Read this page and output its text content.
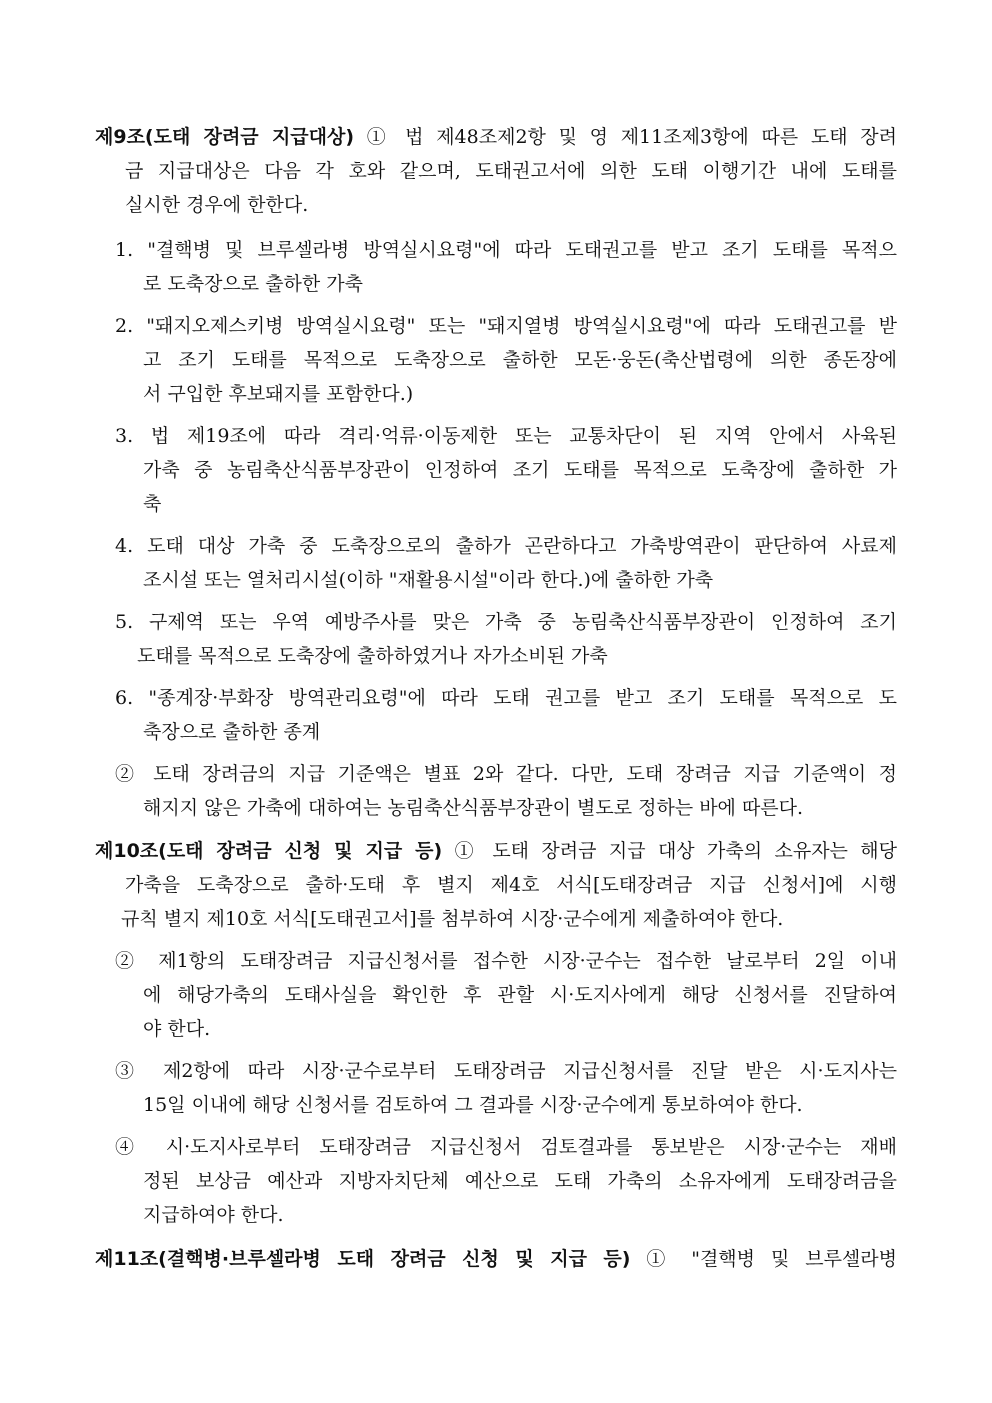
제9조(도태 장려금 지급대상) ① 법 제48조제2항 및 영 제11조제3항에 따른 도태 장려
금 지급대상은 다음 각 호와 같으며, 도태권고서에 의한 도태 이행기간 내에 도태를
실시한 경우에 한한다.
1. "결핵병 및 브루셀라병 방역실시요령"에 따라 도태권고를 받고 조기 도태를 목적으
로 도축장으로 출하한 가축
2. "돼지오제스키병 방역실시요령" 또는 "돼지열병 방역실시요령"에 따라 도태권고를 받
고 조기 도태를 목적으로 도축장으로 출하한 모돈·웅돈(축산법령에 의한 종돈장에
서 구입한 후보돼지를 포함한다.)
3. 법 제19조에 따라 격리·억류·이동제한 또는 교통차단이 된 지역 안에서 사육된
가축 중 농림축산식품부장관이 인정하여 조기 도태를 목적으로 도축장에 출하한 가
축
4. 도태 대상 가축 중 도축장으로의 출하가 곤란하다고 가축방역관이 판단하여 사료제
조시설 또는 열처리시설(이하 "재활용시설"이라 한다.)에 출하한 가축
5. 구제역 또는 우역 예방주사를 맞은 가축 중 농림축산식품부장관이 인정하여 조기
도태를 목적으로 도축장에 출하하였거나 자가소비된 가축
6. "종계장·부화장 방역관리요령"에 따라 도태 권고를 받고 조기 도태를 목적으로 도
축장으로 출하한 종계
② 도태 장려금의 지급 기준액은 별표 2와 같다. 다만, 도태 장려금 지급 기준액이 정
해지지 않은 가축에 대하여는 농림축산식품부장관이 별도로 정하는 바에 따른다.
제10조(도태 장려금 신청 및 지급 등) ① 도태 장려금 지급 대상 가축의 소유자는 해당
가축을 도축장으로 출하·도태 후 별지 제4호 서식[도태장려금 지급 신청서]에 시행
규칙 별지 제10호 서식[도태권고서]를 첨부하여 시장·군수에게 제출하여야 한다.
② 제1항의 도태장려금 지급신청서를 접수한 시장·군수는 접수한 날로부터 2일 이내
에 해당가축의 도태사실을 확인한 후 관할 시·도지사에게 해당 신청서를 진달하여
야 한다.
③ 제2항에 따라 시장·군수로부터 도태장려금 지급신청서를 진달 받은 시·도지사는
15일 이내에 해당 신청서를 검토하여 그 결과를 시장·군수에게 통보하여야 한다.
④ 시·도지사로부터 도태장려금 지급신청서 검토결과를 통보받은 시장·군수는 재배
정된 보상금 예산과 지방자치단체 예산으로 도태 가축의 소유자에게 도태장려금을
지급하여야 한다.
제11조(결핵병·브루셀라병 도태 장려금 신청 및 지급 등) ① "결핵병 및 브루셀라병
